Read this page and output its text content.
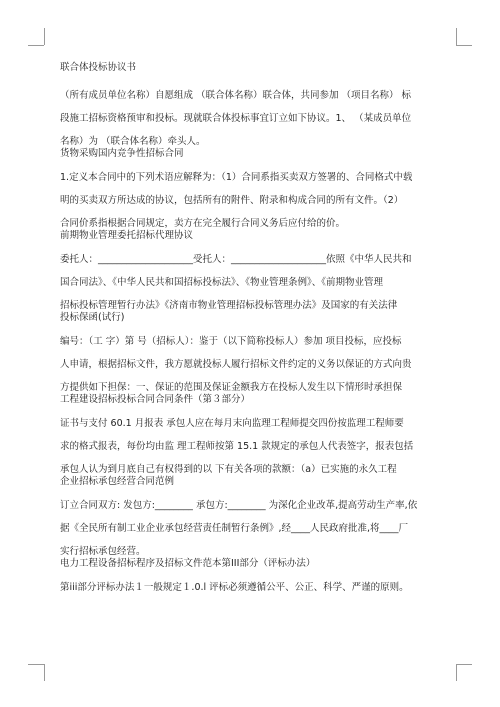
联合体投标协议书

（所有成员单位名称）自愿组成 （联合体名称）联合体，共同参加 （项目名称） 标

段施工招标资格预审和投标。现就联合体投标事宜订立如下协议。1、 （某成员单位

名称）为 （联合体名称）牵头人。

货物采购国内竞争性招标合同

1.定义本合同中的下列术语应解释为：（1）合同系指买卖双方签署的、合同格式中载

明的买卖双方所达成的协议，包括所有的附件、附录和构成合同的所有文件。（2）

合同价系指根据合同规定，卖方在完全履行合同义务后应付给的价。

前期物业管理委托招标代理协议

委托人：____________________受托人：____________________依照《中华人民共和

国合同法》、《中华人民共和国招标投标法》、《物业管理条例》、《前期物业管理

招标投标管理暂行办法》《济南市物业管理招标投标管理办法》及国家的有关法律

投标保函(试行)

编号：（工 字）第 号（招标人）：鉴于（以下简称投标人）参加 项目投标，应投标

人申请，根据招标文件，我方愿就投标人履行招标文件约定的义务以保证的方式向贵

方提供如下担保：一、保证的范围及保证金额我方在投标人发生以下情形时承担保

工程建设招标投标合同合同条件（第３部分）

证书与支付 60.1 月报表 承包人应在每月末向监理工程师提交四份按监理工程师要

求的格式报表，每份均由监 理工程师按第 15.1 款规定的承包人代表签字，报表包括

承包人认为到月底自己有权得到的以 下有关各项的款额：（a）已实施的永久工程

企业招标承包经营合同范例

订立合同双方: 发包方:________ 承包方:________ 为深化企业改革,提高劳动生产率,依

据《全民所有制工业企业承包经营责任制暂行条例》,经____人民政府批准,将____厂

实行招标承包经营。

电力工程设备招标程序及招标文件范本第III部分（评标办法）

第iii部分评标办法１一般规定１.0.l 评标必须遵循公平、公正、科学、严谨的原则。
